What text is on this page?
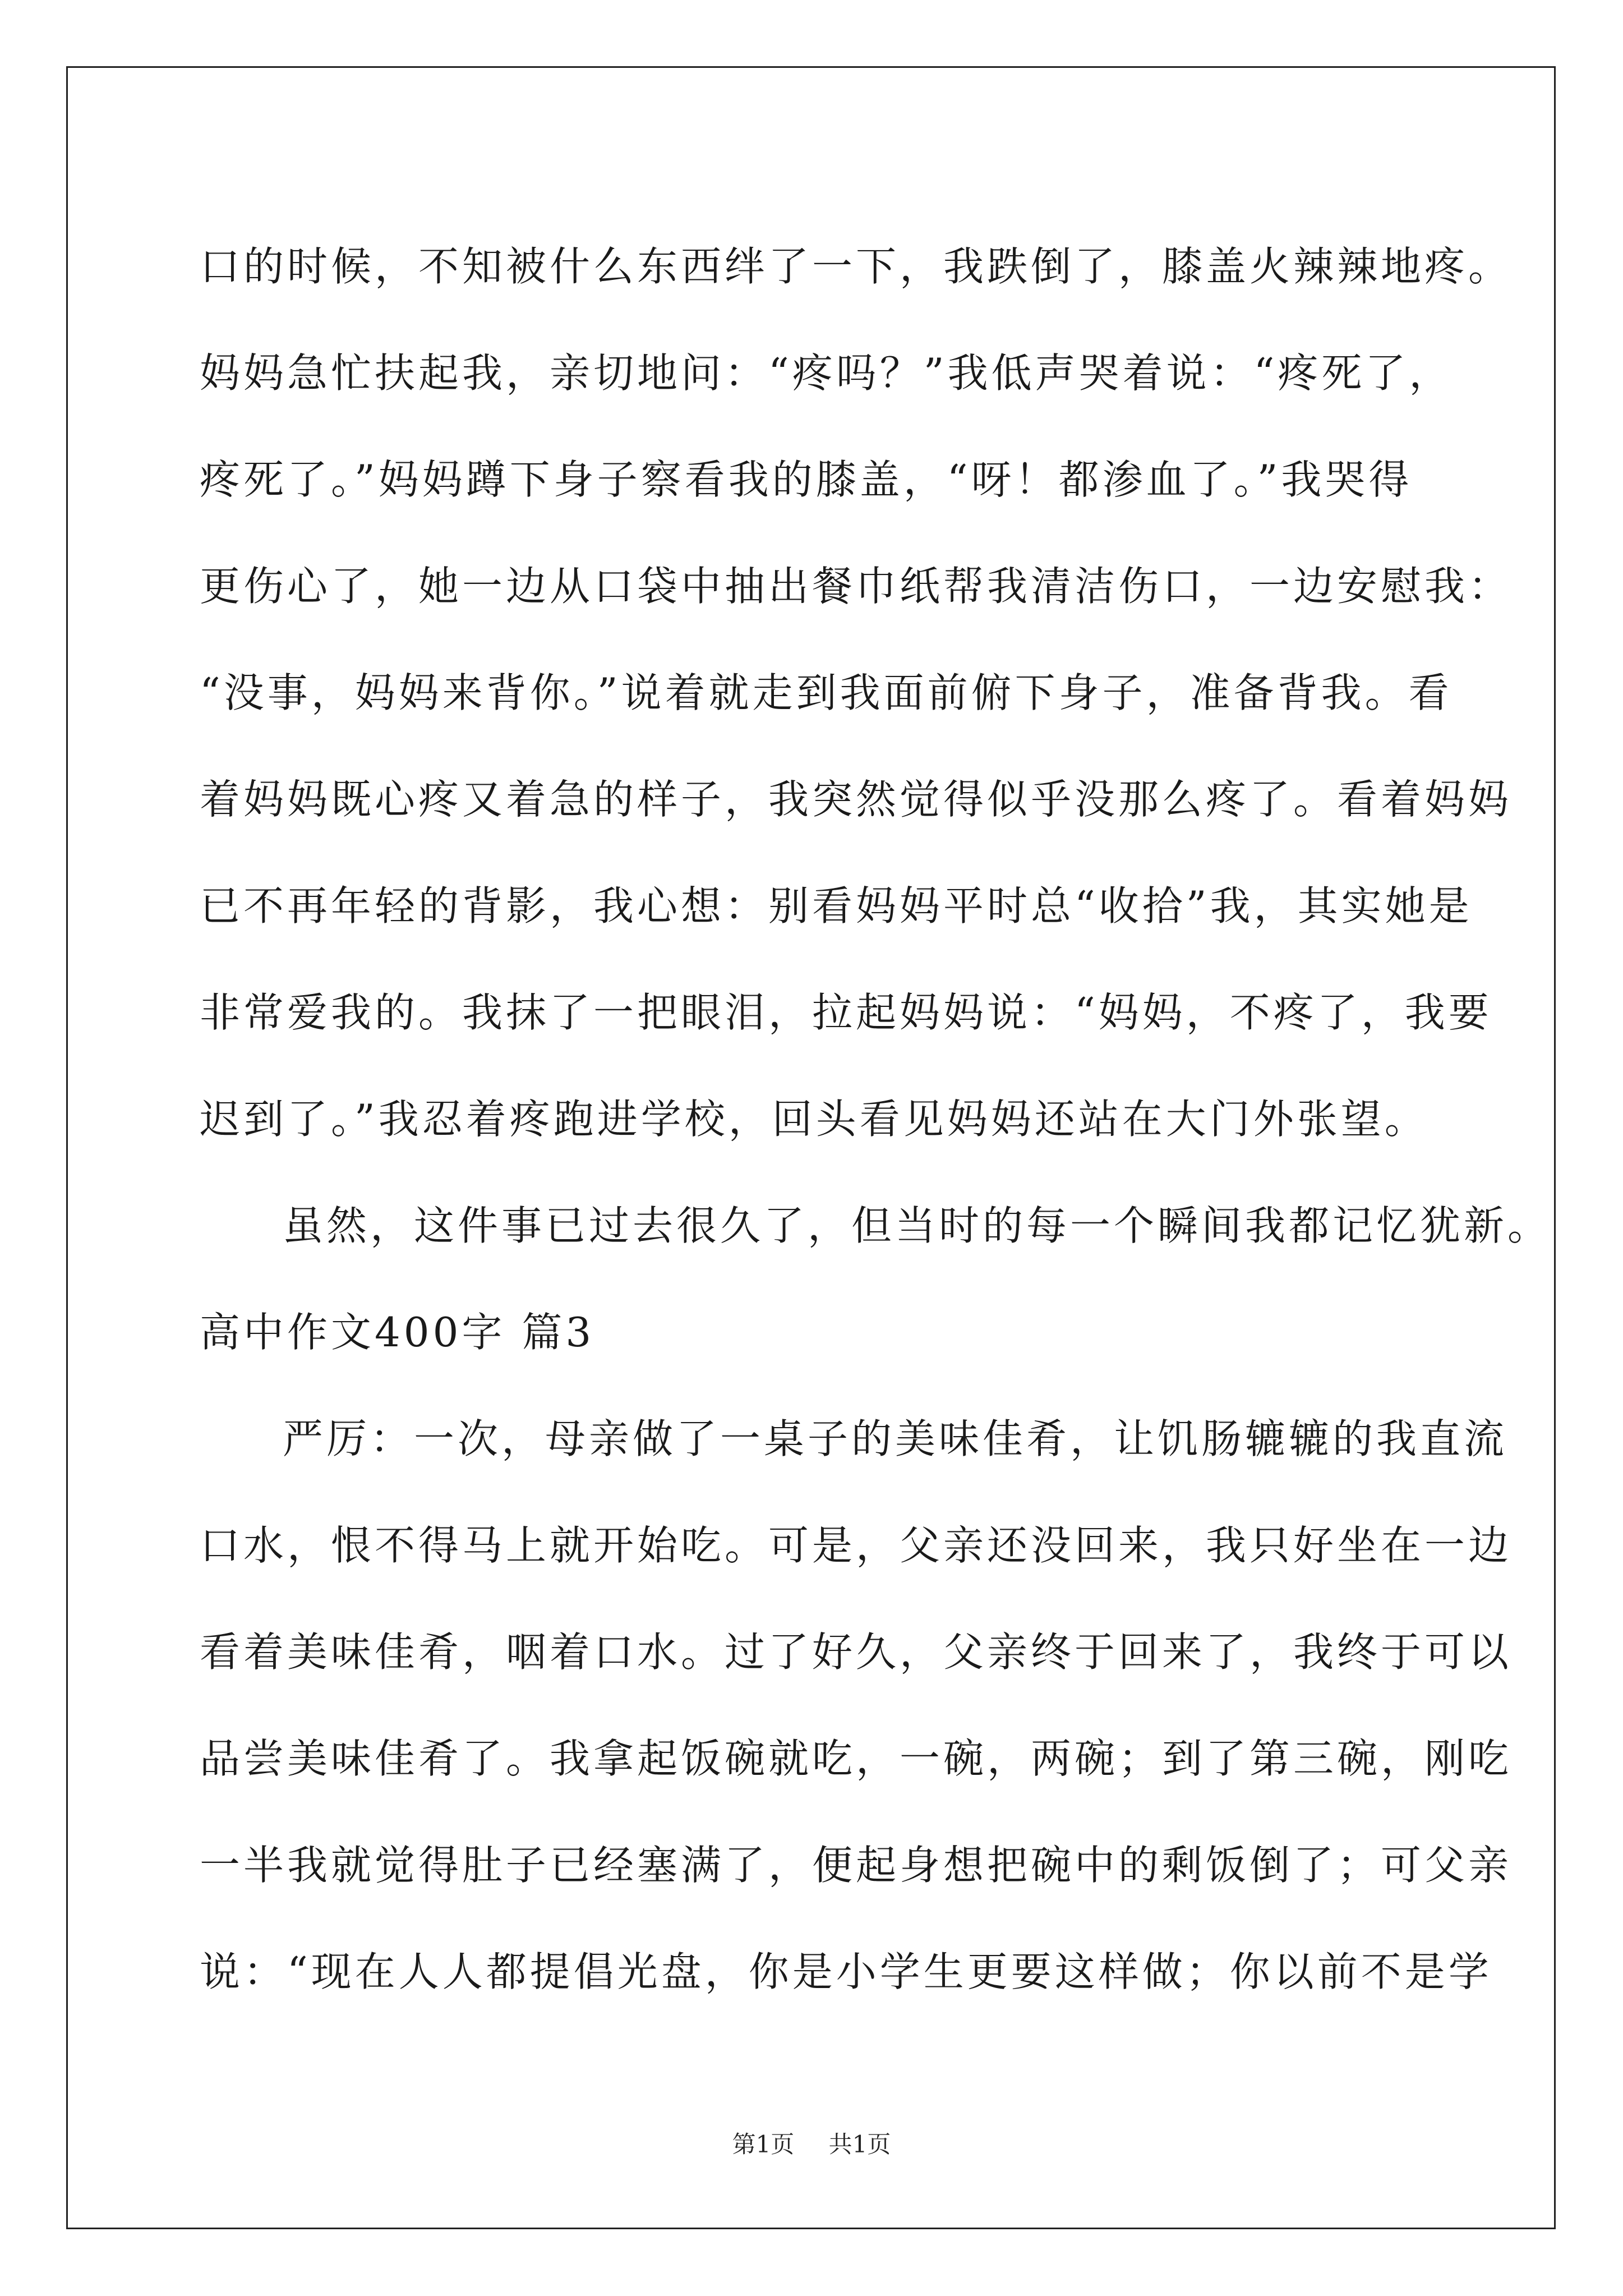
口的时候，不知被什么东西绊了一下，我跌倒了，膝盖火辣辣地疼。
妈妈急忙扶起我，亲切地问：“疼吗？”我低声哭着说：“疼死了，
疼死了。”妈妈蹲下身子察看我的膝盖，“呀！都渗血了。”我哭得
更伤心了，她一边从口袋中抽出餐巾纸帮我清洁伤口，一边安慰我：
“没事，妈妈来背你。”说着就走到我面前俯下身子，准备背我。看
着妈妈既心疼又着急的样子，我突然觉得似乎没那么疼了。看着妈妈
已不再年轻的背影，我心想：别看妈妈平时总“收拾”我，其实她是
非常爱我的。我抹了一把眼泪，拉起妈妈说：“妈妈，不疼了，我要
迟到了。”我忍着疼跑进学校，回头看见妈妈还站在大门外张望。
虽然，这件事已过去很久了，但当时的每一个瞬间我都记忆犹新。
高中作文400字 篇3
严厉：一次，母亲做了一桌子的美味佳肴，让饥肠辘辘的我直流
口水，恨不得马上就开始吃。可是，父亲还没回来，我只好坐在一边
看着美味佳肴，咽着口水。过了好久，父亲终于回来了，我终于可以
品尝美味佳肴了。我拿起饭碗就吃，一碗，两碗；到了第三碗，刚吃
一半我就觉得肚子已经塞满了，便起身想把碗中的剩饭倒了；可父亲
说：“现在人人都提倡光盘，你是小学生更要这样做；你以前不是学
第1页 共1页
